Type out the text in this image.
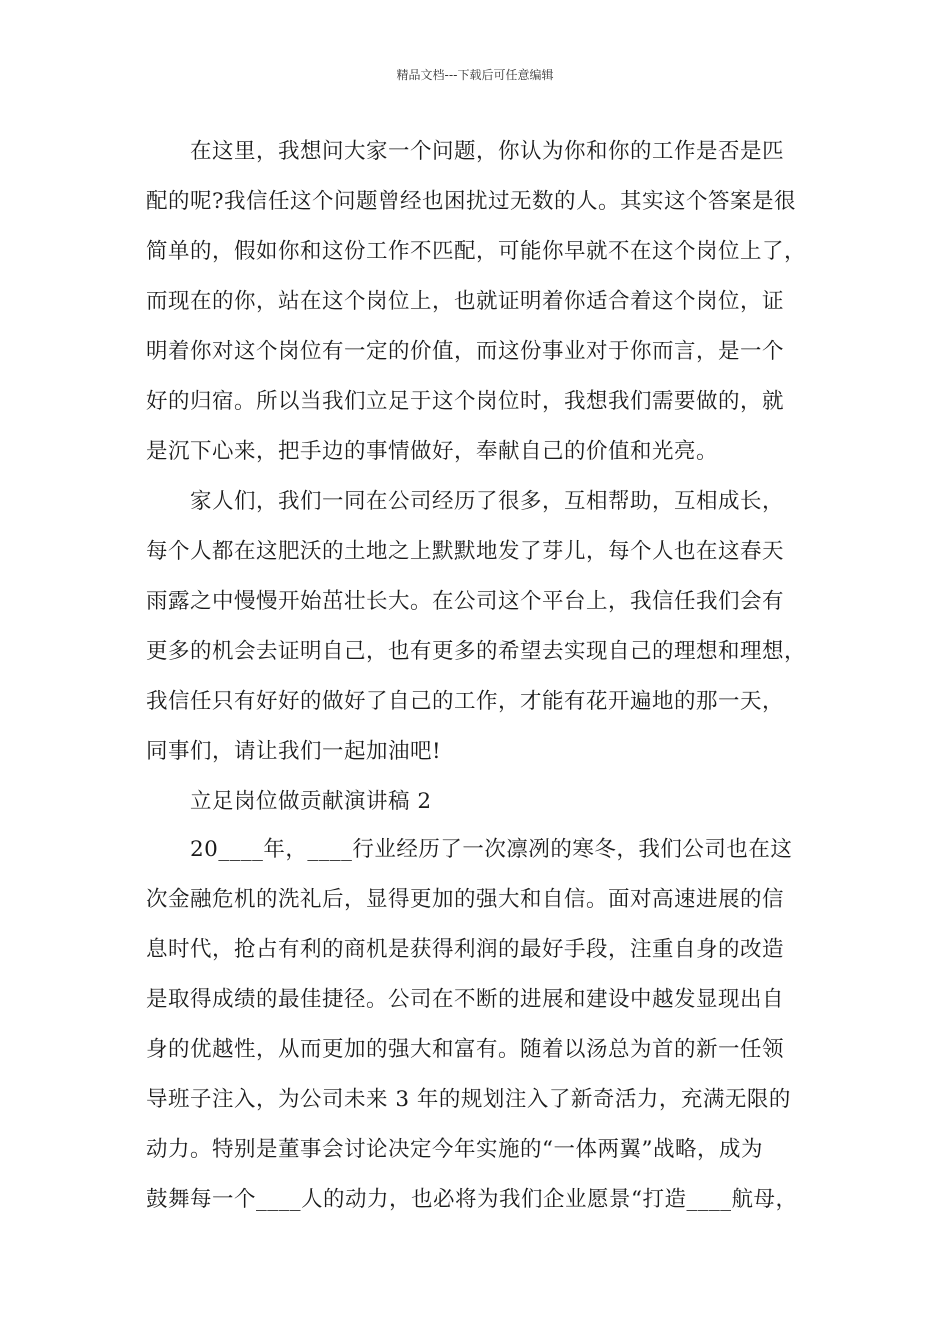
精品文档---下载后可任意编辑
在这里，我想问大家一个问题，你认为你和你的工作是否是匹
配的呢?我信任这个问题曾经也困扰过无数的人。其实这个答案是很
简单的，假如你和这份工作不匹配，可能你早就不在这个岗位上了，
而现在的你，站在这个岗位上，也就证明着你适合着这个岗位，证
明着你对这个岗位有一定的价值，而这份事业对于你而言，是一个
好的归宿。所以当我们立足于这个岗位时，我想我们需要做的，就
是沉下心来，把手边的事情做好，奉献自己的价值和光亮。
家人们，我们一同在公司经历了很多，互相帮助，互相成长，
每个人都在这肥沃的土地之上默默地发了芽儿，每个人也在这春天
雨露之中慢慢开始茁壮长大。在公司这个平台上，我信任我们会有
更多的机会去证明自己，也有更多的希望去实现自己的理想和理想，
我信任只有好好的做好了自己的工作，才能有花开遍地的那一天，
同事们，请让我们一起加油吧!
立足岗位做贡献演讲稿 2
20____年，____行业经历了一次凛冽的寒冬，我们公司也在这
次金融危机的洗礼后，显得更加的强大和自信。面对高速进展的信
息时代，抢占有利的商机是获得利润的最好手段，注重自身的改造
是取得成绩的最佳捷径。公司在不断的进展和建设中越发显现出自
身的优越性，从而更加的强大和富有。随着以汤总为首的新一任领
导班子注入，为公司未来 3 年的规划注入了新奇活力，充满无限的
动力。特别是董事会讨论决定今年实施的“一体两翼”战略，成为
鼓舞每一个____人的动力，也必将为我们企业愿景“打造____航母，
